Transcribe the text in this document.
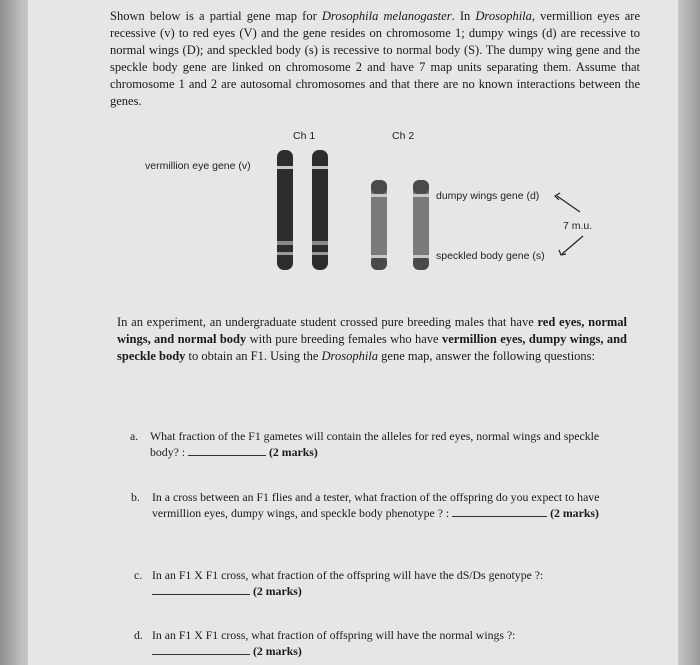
Shown below is a partial gene map for Drosophila melanogaster. In Drosophila, vermillion eyes are recessive (v) to red eyes (V) and the gene resides on chromosome 1; dumpy wings (d) are recessive to normal wings (D); and speckled body (s) is recessive to normal body (S). The dumpy wing gene and the speckle body gene are linked on chromosome 2 and have 7 map units separating them. Assume that chromosome 1 and 2 are autosomal chromosomes and that there are no known interactions between the genes.
Ch 1	Ch 2
vermillion eye gene (v)
dumpy wings gene (d)
7 m.u.
speckled body gene (s)
In an experiment, an undergraduate student crossed pure breeding males that have red eyes, normal wings, and normal body with pure breeding females who have vermillion eyes, dumpy wings, and speckle body to obtain an F1. Using the Drosophila gene map, answer the following questions:
a. What fraction of the F1 gametes will contain the alleles for red eyes, normal wings and speckle body? :	(2 marks)
b. In a cross between an F1 flies and a tester, what fraction of the offspring do you expect to have vermillion eyes, dumpy wings, and speckle body phenotype ? :	(2 marks)
c. In an F1 X F1 cross, what fraction of the offspring will have the dS/Ds genotype ?:
(2 marks)
d. In an F1 X F1 cross, what fraction of offspring will have the normal wings ?:
(2 marks)
